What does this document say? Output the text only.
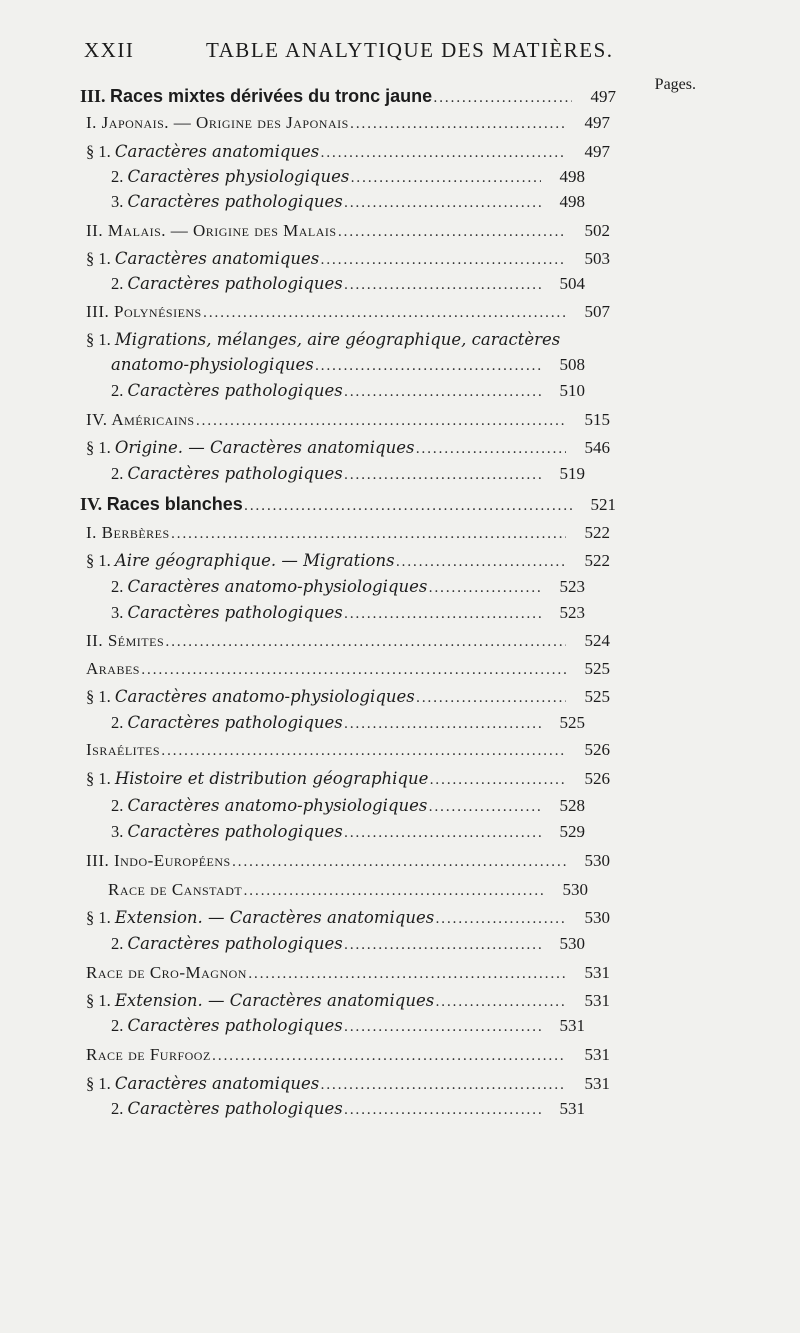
XXII	TABLE ANALYTIQUE DES MATIÈRES.
Pages.
III. Races mixtes dérivées du tronc jaune . . .	497
I. Japonais. — Origine des Japonais . . .	497
§ 1. Caractères anatomiques . . .	497
2. Caractères physiologiques . . .	498
3. Caractères pathologiques . . .	498
II. Malais. — Origine des Malais . . .	502
§ 1. Caractères anatomiques . . .	503
2. Caractères pathologiques . . .	504
III. Polynésiens . . .	507
§ 1. Migrations, mélanges, aire géographique, caractères
anatomo-physiologiques . . .	508
2. Caractères pathologiques . . .	510
IV. Américains . . .	515
§ 1. Origine. — Caractères anatomiques . . .	546
2. Caractères pathologiques . . .	519
IV. Races blanches . . .	521
I. Berbères . . .	522
§ 1. Aire géographique. — Migrations . . .	522
2. Caractères anatomo-physiologiques . . .	523
3. Caractères pathologiques . . .	523
II. Sémites . . .	524
Arabes . . .	525
§ 1. Caractères anatomo-physiologiques . . .	525
2. Caractères pathologiques . . .	525
Israélites . . .	526
§ 1. Histoire et distribution géographique . . .	526
2. Caractères anatomo-physiologiques . . .	528
3. Caractères pathologiques . . .	529
III. Indo-Européens . . .	530
Race de Canstadt . . .	530
§ 1. Extension. — Caractères anatomiques . . .	530
2. Caractères pathologiques . . .	530
Race de Cro-Magnon . . .	531
§ 1. Extension. — Caractères anatomiques . . .	531
2. Caractères pathologiques . . .	531
Race de Furfooz . . .	531
§ 1. Caractères anatomiques . . .	531
2. Caractères pathologiques . . .	531
